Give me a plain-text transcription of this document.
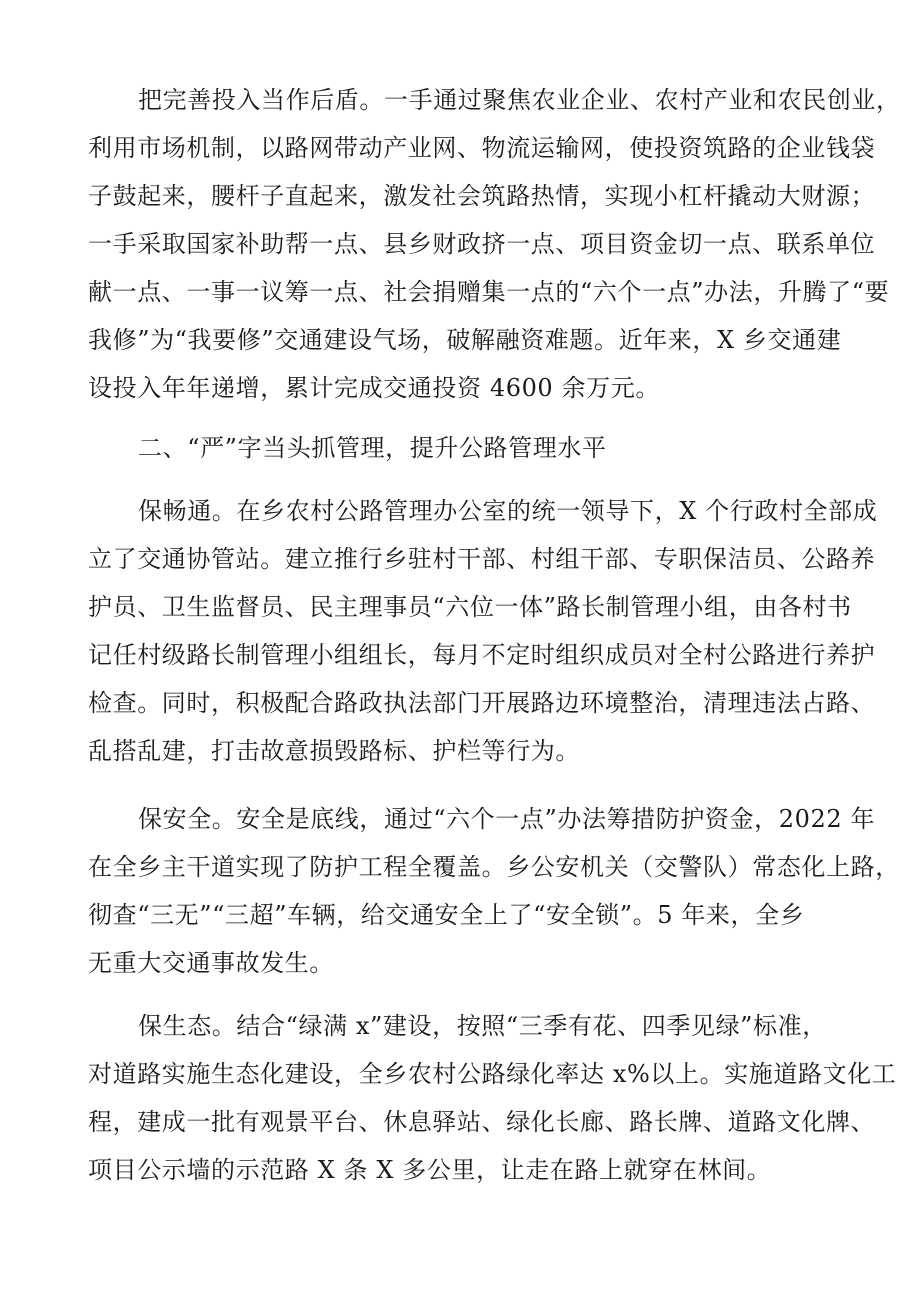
把完善投入当作后盾。一手通过聚焦农业企业、农村产业和农民创业，
利用市场机制，以路网带动产业网、物流运输网，使投资筑路的企业钱袋
子鼓起来，腰杆子直起来，激发社会筑路热情，实现小杠杆撬动大财源；
一手采取国家补助帮一点、县乡财政挤一点、项目资金切一点、联系单位
献一点、一事一议筹一点、社会捐赠集一点的“六个一点”办法，升腾了“要
我修”为“我要修”交通建设气场，破解融资难题。近年来，X 乡交通建
设投入年年递增，累计完成交通投资 4600 余万元。
二、“严”字当头抓管理，提升公路管理水平
保畅通。在乡农村公路管理办公室的统一领导下，X 个行政村全部成
立了交通协管站。建立推行乡驻村干部、村组干部、专职保洁员、公路养
护员、卫生监督员、民主理事员“六位一体”路长制管理小组，由各村书
记任村级路长制管理小组组长，每月不定时组织成员对全村公路进行养护
检查。同时，积极配合路政执法部门开展路边环境整治，清理违法占路、
乱搭乱建，打击故意损毁路标、护栏等行为。
保安全。安全是底线，通过“六个一点”办法筹措防护资金，2022 年
在全乡主干道实现了防护工程全覆盖。乡公安机关（交警队）常态化上路，
彻查“三无”“三超”车辆，给交通安全上了“安全锁”。5 年来，全乡
无重大交通事故发生。
保生态。结合“绿满 x”建设，按照“三季有花、四季见绿”标准，
对道路实施生态化建设，全乡农村公路绿化率达 x%以上。实施道路文化工
程，建成一批有观景平台、休息驿站、绿化长廊、路长牌、道路文化牌、
项目公示墙的示范路 X 条 X 多公里，让走在路上就穿在林间。
